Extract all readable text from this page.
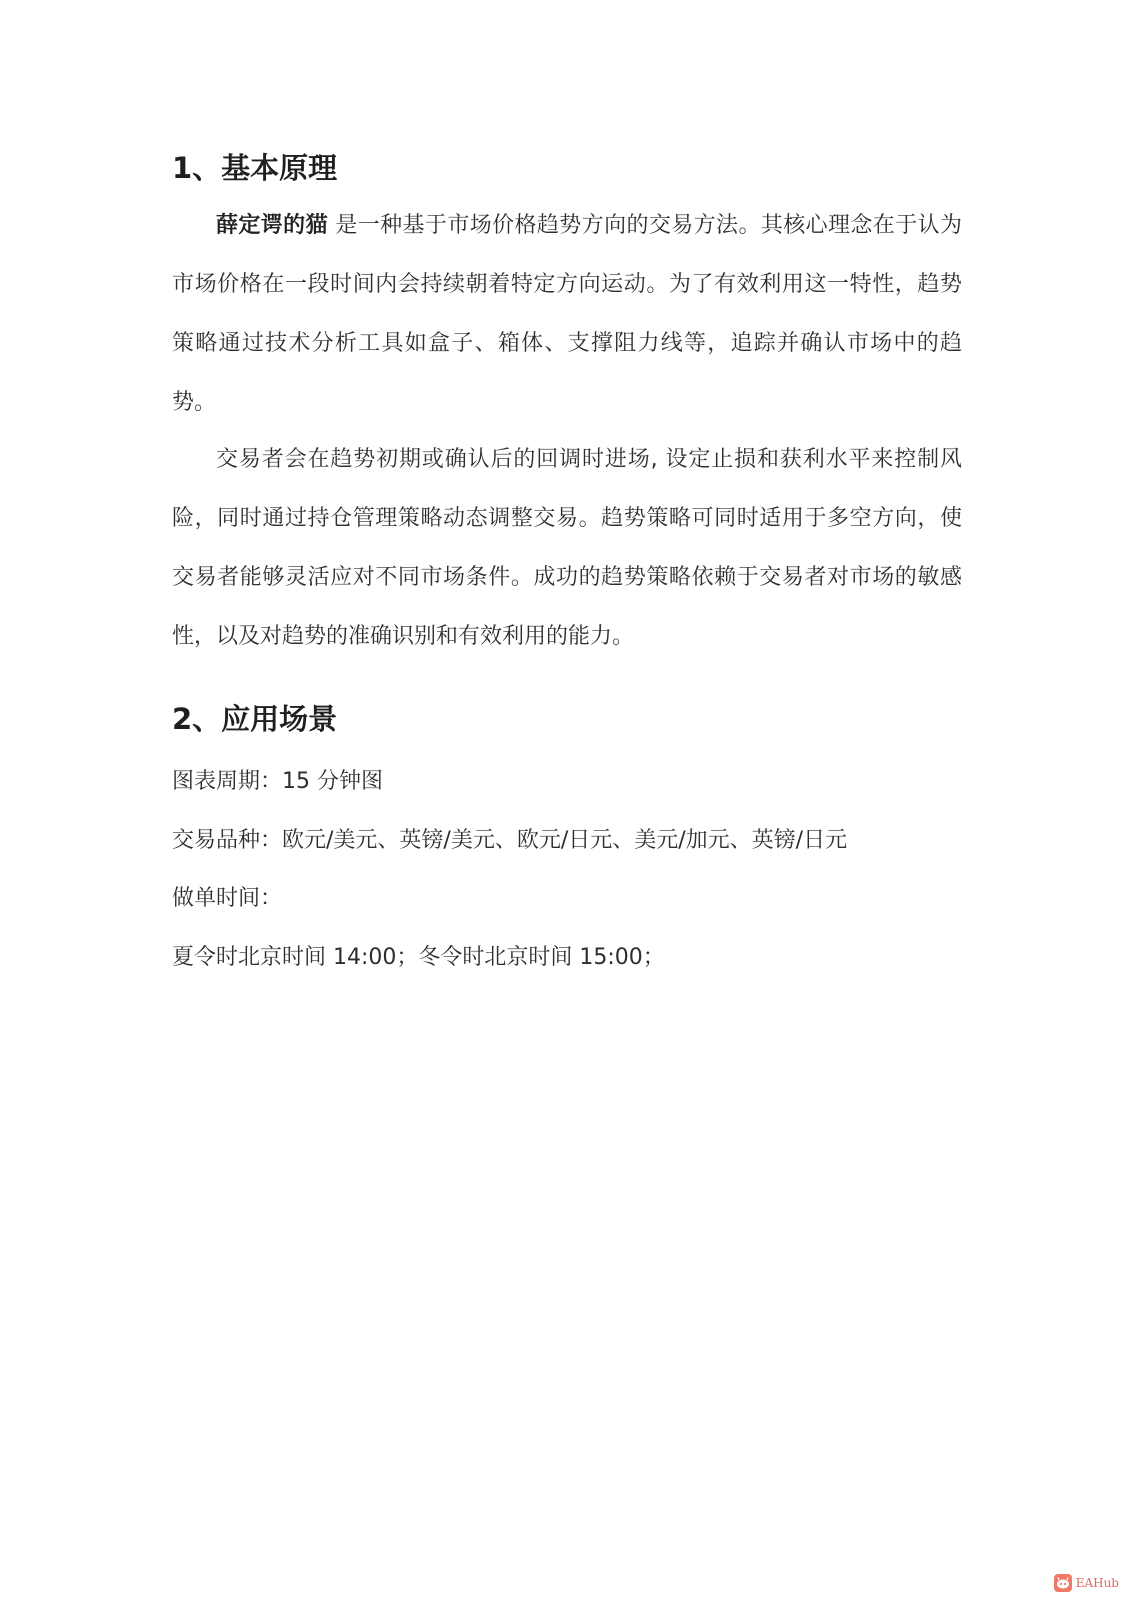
1、基本原理

薛定谔的猫 是一种基于市场价格趋势方向的交易方法。其核心理念在于认为市场价格在一段时间内会持续朝着特定方向运动。为了有效利用这一特性，趋势策略通过技术分析工具如盒子、箱体、支撑阻力线等，追踪并确认市场中的趋势。

交易者会在趋势初期或确认后的回调时进场, 设定止损和获利水平来控制风险，同时通过持仓管理策略动态调整交易。趋势策略可同时适用于多空方向，使交易者能够灵活应对不同市场条件。成功的趋势策略依赖于交易者对市场的敏感性，以及对趋势的准确识别和有效利用的能力。

2、应用场景
图表周期：15 分钟图
交易品种：欧元/美元、英镑/美元、欧元/日元、美元/加元、英镑/日元
做单时间：
夏令时北京时间 14:00；冬令时北京时间 15:00；
EAHub
